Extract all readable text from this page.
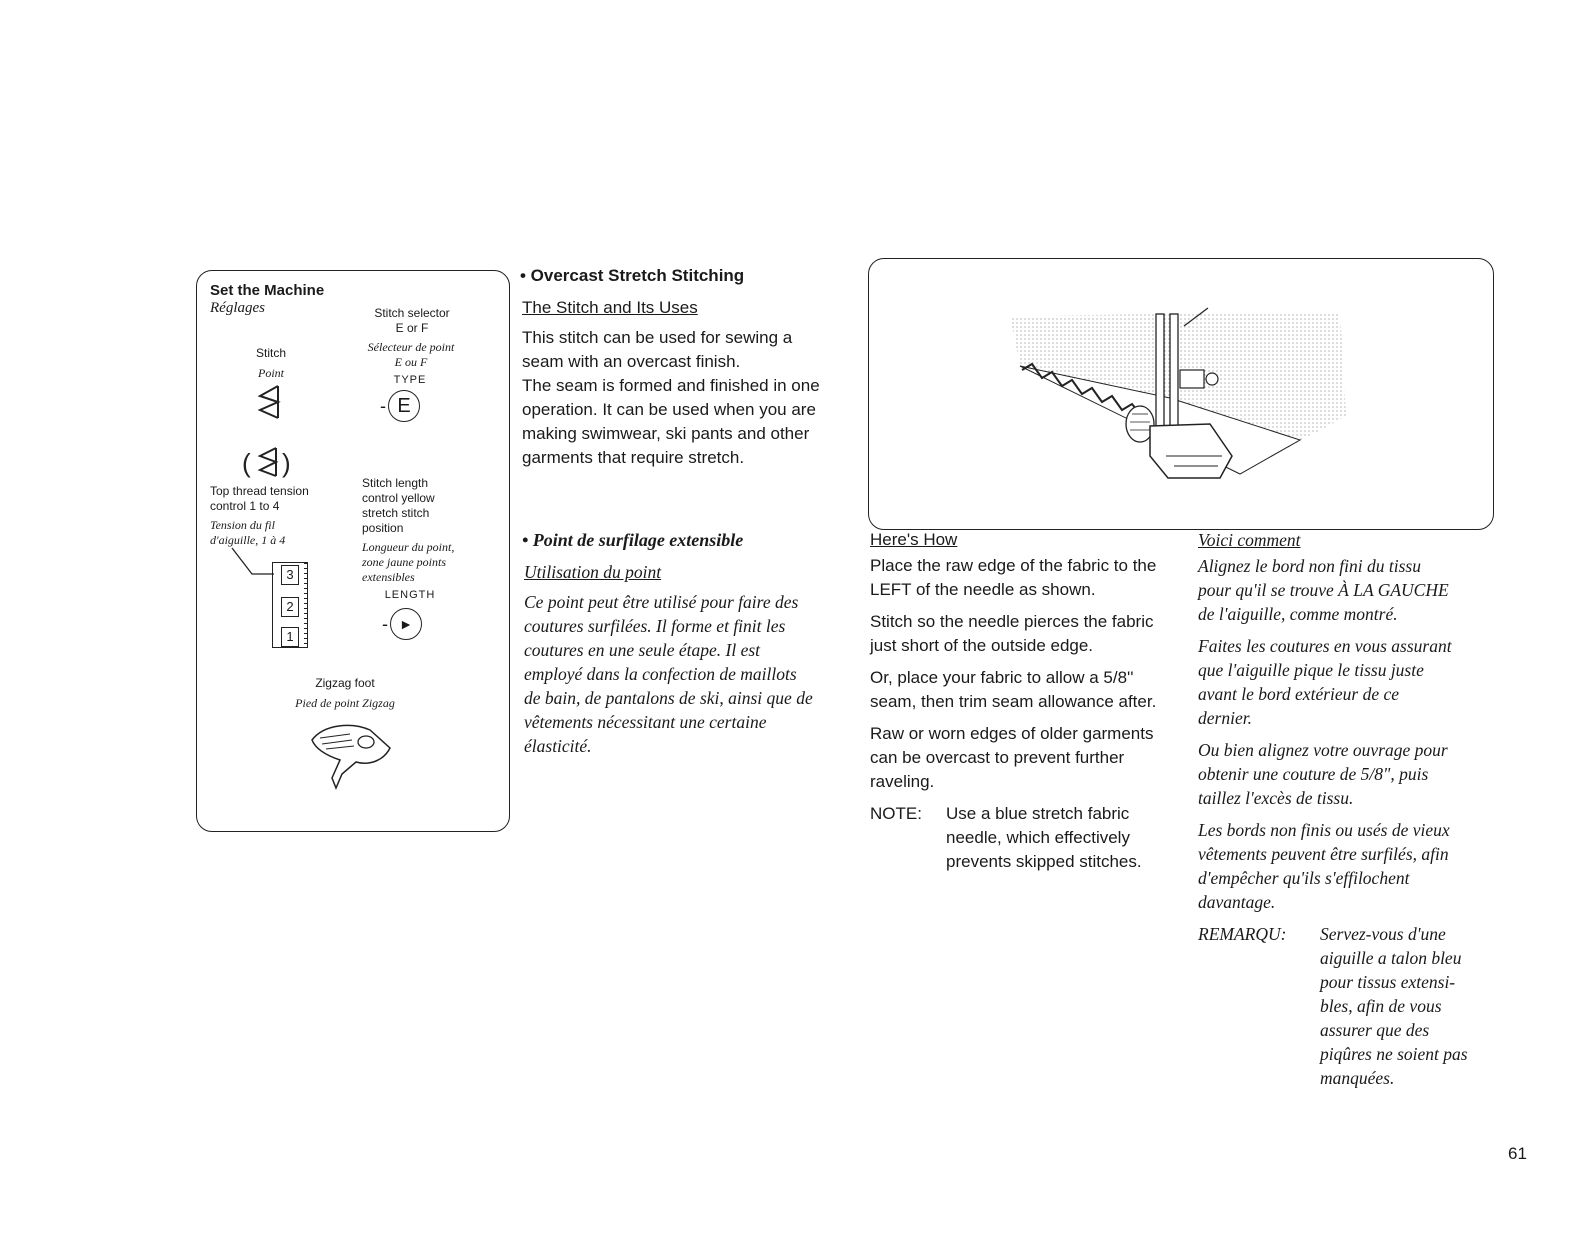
Set the Machine
Réglages	Stitch selector
E or F
Sélecteur de point
E ou F
TYPE
- E
Stitch
Point
( )
Top thread tension
control 1 to 4
Tension du fil
d'aiguille, 1 à 4
3
2
1
Stitch length
control yellow
stretch stitch
position
Longueur du point,
zone jaune points
extensibles
LENGTH
- ►
Zigzag foot
Pied de point Zigzag
• Overcast Stretch Stitching
The Stitch and Its Uses
This stitch can be used for sewing a
seam with an overcast finish.
The seam is formed and finished in one
operation. It can be used when you are
making swimwear, ski pants and other
garments that require stretch.
• Point de surfilage extensible
Utilisation du point
Ce point peut être utilisé pour faire des
coutures surfilées. Il forme et finit les
coutures en une seule étape. Il est
employé dans la confection de maillots
de bain, de pantalons de ski, ainsi que de
vêtements nécessitant une certaine
élasticité.
Here's How
Place the raw edge of the fabric to the
LEFT of the needle as shown.
Stitch so the needle pierces the fabric
just short of the outside edge.
Or, place your fabric to allow a 5/8''
seam, then trim seam allowance after.
Raw or worn edges of older garments
can be overcast to prevent further
raveling.
NOTE:	Use a blue stretch fabric
needle, which effectively
prevents skipped stitches.
Voici comment
Alignez le bord non fini du tissu
pour qu'il se trouve À LA GAUCHE
de l'aiguille, comme montré.
Faites les coutures en vous assurant
que l'aiguille pique le tissu juste
avant le bord extérieur de ce
dernier.
Ou bien alignez votre ouvrage pour
obtenir une couture de 5/8", puis
taillez l'excès de tissu.
Les bords non finis ou usés de vieux
vêtements peuvent être surfilés, afin
d'empêcher qu'ils s'effilochent
davantage.
REMARQU:	Servez-vous d'une
aiguille a talon bleu
pour tissus extensi-
bles, afin de vous
assurer que des
piqûres ne soient pas
manquées.
61
